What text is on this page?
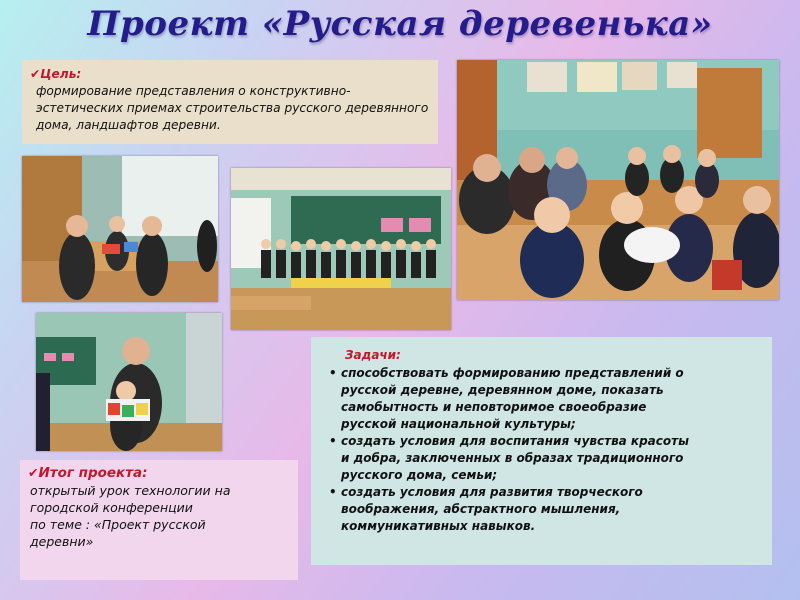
Проект «Русская деревенька»
✔Цель:
формирование представления о конструктивно-эстетических приемах строительства русского деревянного дома, ландшафтов деревни.
Задачи:
• способствовать формированию представлений о
русской деревне, деревянном доме, показать
самобытность и неповторимое своеобразие
русской национальной культуры;
• создать условия для воспитания чувства красоты
и добра, заключенных в образах традиционного
русского дома, семьи;
• создать условия для развития творческого
воображения, абстрактного мышления,
коммуникативных навыков.
✔Итог проекта:
открытый урок технологии на
городской конференции
по теме : «Проект русской
деревни»
